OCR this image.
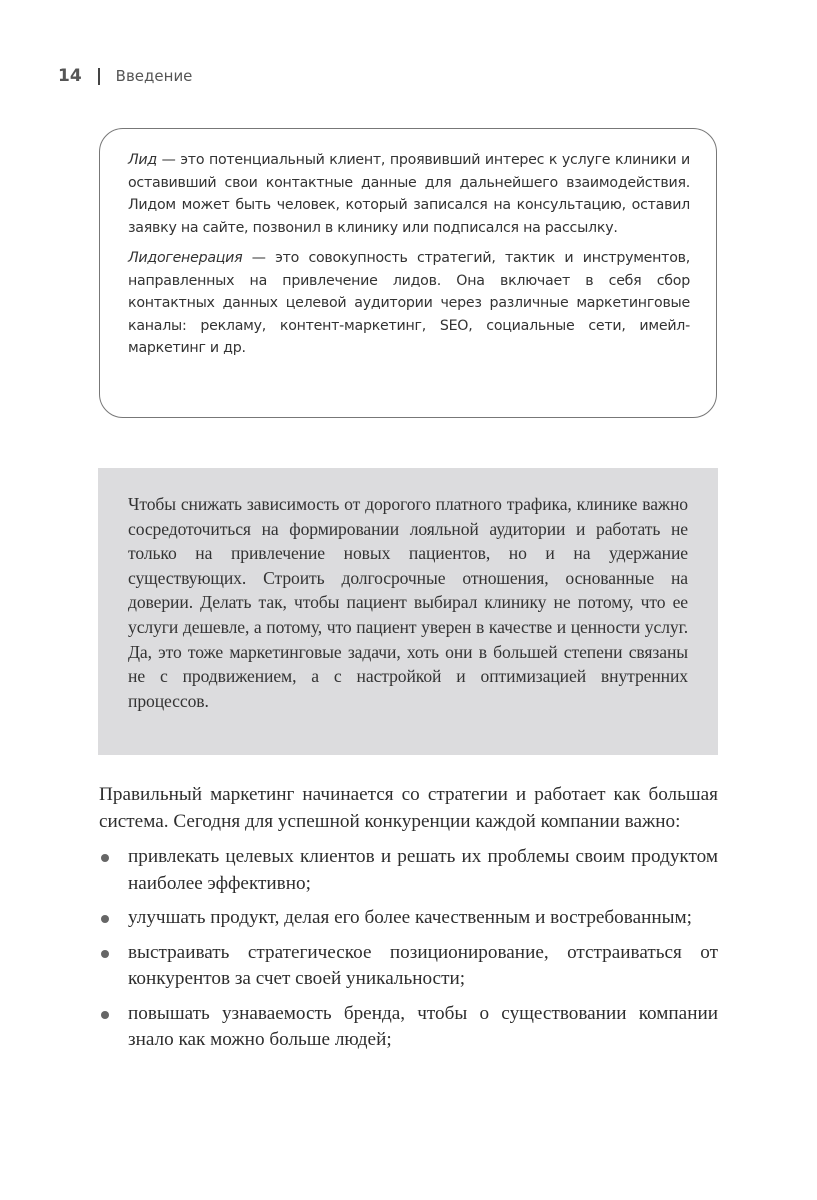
14 Введение

Лид — это потенциальный клиент, проявивший интерес к услуге клиники и оставивший свои контактные данные для дальнейшего взаимодействия. Лидом может быть человек, который записался на консультацию, оставил заявку на сайте, позвонил в клинику или подписался на рассылку.

Лидогенерация — это совокупность стратегий, тактик и инструментов, направленных на привлечение лидов. Она включает в себя сбор контактных данных целевой аудитории через различные маркетинговые каналы: рекламу, контент-маркетинг, SEO, социальные сети, имейл-маркетинг и др.

Чтобы снижать зависимость от дорогого платного трафика, клинике важно сосредоточиться на формировании лояльной аудитории и работать не только на привлечение новых пациентов, но и на удержание существующих. Строить долгосрочные отношения, основанные на доверии. Делать так, чтобы пациент выбирал клинику не потому, что ее услуги дешевле, а потому, что пациент уверен в качестве и ценности услуг. Да, это тоже маркетинговые задачи, хоть они в большей степени связаны не с продвижением, а с настройкой и оптимизацией внутренних процессов.

Правильный маркетинг начинается со стратегии и работает как большая система. Сегодня для успешной конкуренции каждой компании важно:

привлекать целевых клиентов и решать их проблемы своим продуктом наиболее эффективно;
улучшать продукт, делая его более качественным и востребованным;
выстраивать стратегическое позиционирование, отстраиваться от конкурентов за счет своей уникальности;
повышать узнаваемость бренда, чтобы о существовании компании знало как можно больше людей;
